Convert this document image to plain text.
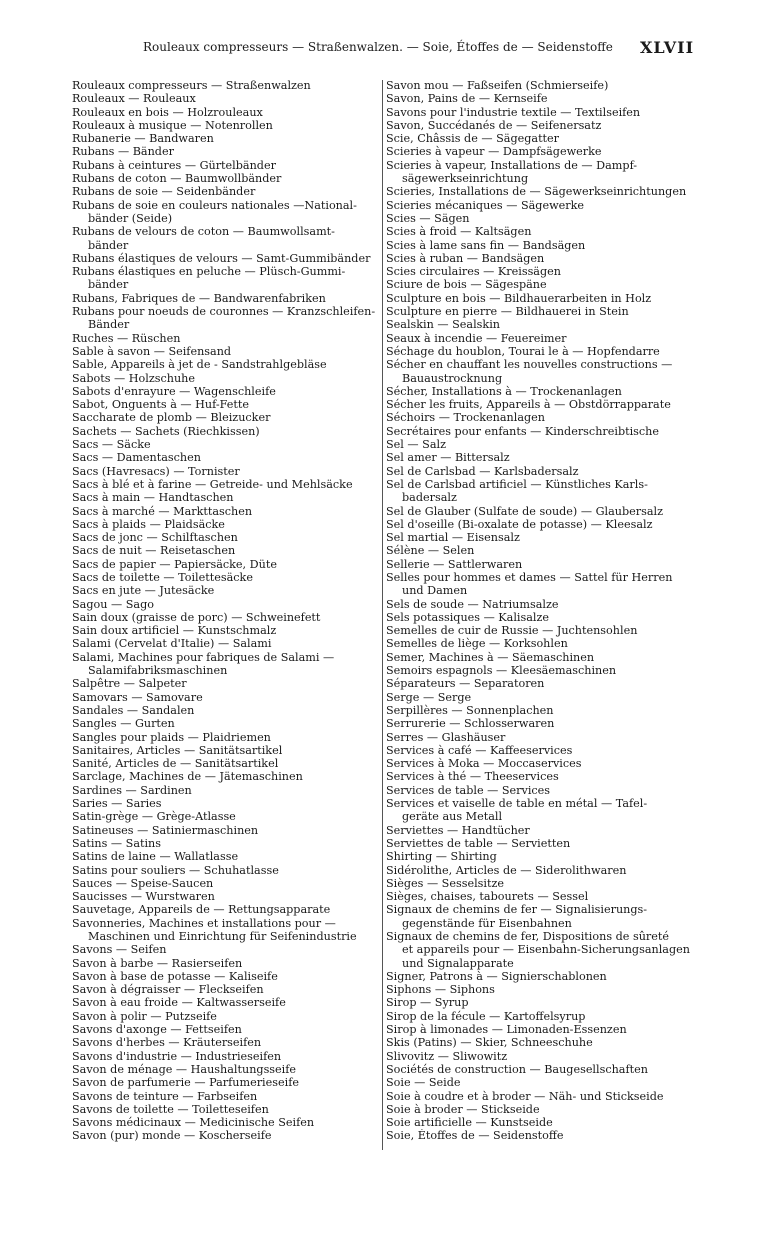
Rouleaux compresseurs — Straßenwalzen. — Soie, Étoffes de — Seidenstoffe XLVII

Rouleaux compresseurs — Straßenwalzen

Rouleaux — Rouleaux

Rouleaux en bois — Holzrouleaux

Rouleaux à musique — Notenrollen

Rubanerie — Bandwaren

Rubans — Bänder

Rubans à ceintures — Gürtelbänder

Rubans de coton — Baumwollbänder

Rubans de soie — Seidenbänder

Rubans de soie en couleurs nationales —National-

bänder (Seide)

Rubans de velours de coton — Baumwollsamt-

bänder

Rubans élastiques de velours — Samt-Gummibänder

Rubans élastiques en peluche — Plüsch-Gummi-

bänder

Rubans, Fabriques de — Bandwarenfabriken

Rubans pour noeuds de couronnes — Kranzschleifen-

Bänder

Ruches — Rüschen

Sable à savon — Seifensand

Sable, Appareils à jet de - Sandstrahlgebläse

Sabots — Holzschuhe

Sabots d'enrayure — Wagenschleife

Sabot, Onguents à — Huf-Fette

Saccharate de plomb — Bleizucker

Sachets — Sachets (Riechkissen)

Sacs — Säcke

Sacs — Damentaschen

Sacs (Havresacs) — Tornister

Sacs à blé et à farine — Getreide- und Mehlsäcke

Sacs à main — Handtaschen

Sacs à marché — Markttaschen

Sacs à plaids — Plaidsäcke

Sacs de jonc — Schilftaschen

Sacs de nuit — Reisetaschen

Sacs de papier — Papiersäcke, Düte

Sacs de toilette — Toilettesäcke

Sacs en jute — Jutesäcke

Sagou — Sago

Sain doux (graisse de porc) — Schweinefett

Sain doux artificiel — Kunstschmalz

Salami (Cervelat d'Italie) — Salami

Salami, Machines pour fabriques de Salami —

Salamifabriksmaschinen

Salpêtre — Salpeter

Samovars — Samovare

Sandales — Sandalen

Sangles — Gurten

Sangles pour plaids — Plaidriemen

Sanitaires, Articles — Sanitätsartikel

Sanité, Articles de — Sanitätsartikel

Sarclage, Machines de — Jätemaschinen

Sardines — Sardinen

Saries — Saries

Satin-grège — Grège-Atlasse

Satineuses — Satiniermaschinen

Satins — Satins

Satins de laine — Wallatlasse

Satins pour souliers — Schuhatlasse

Sauces — Speise-Saucen

Saucisses — Wurstwaren

Sauvetage, Appareils de — Rettungsapparate

Savonneries, Machines et installations pour —

Maschinen und Einrichtung für Seifenindustrie

Savons — Seifen

Savon à barbe — Rasierseifen

Savon à base de potasse — Kaliseife

Savon à dégraisser — Fleckseifen

Savon à eau froide — Kaltwasserseife

Savon à polir — Putzseife

Savons d'axonge — Fettseifen

Savons d'herbes — Kräuterseifen

Savons d'industrie — Industrieseifen

Savon de ménage — Haushaltungsseife

Savon de parfumerie — Parfumerieseife

Savons de teinture — Farbseifen

Savons de toilette — Toiletteseifen

Savons médicinaux — Medicinische Seifen

Savon (pur) monde — Koscherseife

Savon mou — Faßseifen (Schmierseife)

Savon, Pains de — Kernseife

Savons pour l'industrie textile — Textilseifen

Savon, Succédanés de — Seifenersatz

Scie, Châssis de — Sägegatter

Scieries à vapeur — Dampfsägewerke

Scieries à vapeur, Installations de — Dampf-

sägewerkseinrichtung

Scieries, Installations de — Sägewerkseinrichtungen

Scieries mécaniques — Sägewerke

Scies — Sägen

Scies à froid — Kaltsägen

Scies à lame sans fin — Bandsägen

Scies à ruban — Bandsägen

Scies circulaires — Kreissägen

Sciure de bois — Sägespäne

Sculpture en bois — Bildhauerarbeiten in Holz

Sculpture en pierre — Bildhauerei in Stein

Sealskin — Sealskin

Seaux à incendie — Feuereimer

Séchage du houblon, Tourai le à — Hopfendarre

Sécher en chauffant les nouvelles constructions —

Bauaustrocknung

Sécher, Installations à — Trockenanlagen

Sécher les fruits, Appareils à — Obstdörrapparate

Séchoirs — Trockenanlagen

Secrétaires pour enfants — Kinderschreibtische

Sel — Salz

Sel amer — Bittersalz

Sel de Carlsbad — Karlsbadersalz

Sel de Carlsbad artificiel — Künstliches Karls-

badersalz

Sel de Glauber (Sulfate de soude) — Glaubersalz

Sel d'oseille (Bi-oxalate de potasse) — Kleesalz

Sel martial — Eisensalz

Sélène — Selen

Sellerie — Sattlerwaren

Selles pour hommes et dames — Sattel für Herren

und Damen

Sels de soude — Natriumsalze

Sels potassiques — Kalisalze

Semelles de cuir de Russie — Juchtensohlen

Semelles de liège — Korksohlen

Semer, Machines à — Säemaschinen

Semoirs espagnols — Kleesäemaschinen

Séparateurs — Separatoren

Serge — Serge

Serpillères — Sonnenplachen

Serrurerie — Schlosserwaren

Serres — Glashäuser

Services à café — Kaffeeservices

Services à Moka — Moccaservices

Services à thé — Theeservices

Services de table — Services

Services et vaiselle de table en métal — Tafel-

geräte aus Metall

Serviettes — Handtücher

Serviettes de table — Servietten

Shirting — Shirting

Sidérolithe, Articles de — Siderolithwaren

Sièges — Sesselsitze

Sièges, chaises, tabourets — Sessel

Signaux de chemins de fer — Signalisierungs-

gegenstände für Eisenbahnen

Signaux de chemins de fer, Dispositions de sûreté

et appareils pour — Eisenbahn-Sicherungsanlagen

und Signalapparate

Signer, Patrons à — Signierschablonen

Siphons — Siphons

Sirop — Syrup

Sirop de la fécule — Kartoffelsyrup

Sirop à limonades — Limonaden-Essenzen

Skis (Patins) — Skier, Schneeschuhe

Slivovitz — Sliwowitz

Sociétés de construction — Baugesellschaften

Soie — Seide

Soie à coudre et à broder — Näh- und Stickseide

Soie à broder — Stickseide

Soie artificielle — Kunstseide

Soie, Étoffes de — Seidenstoffe
